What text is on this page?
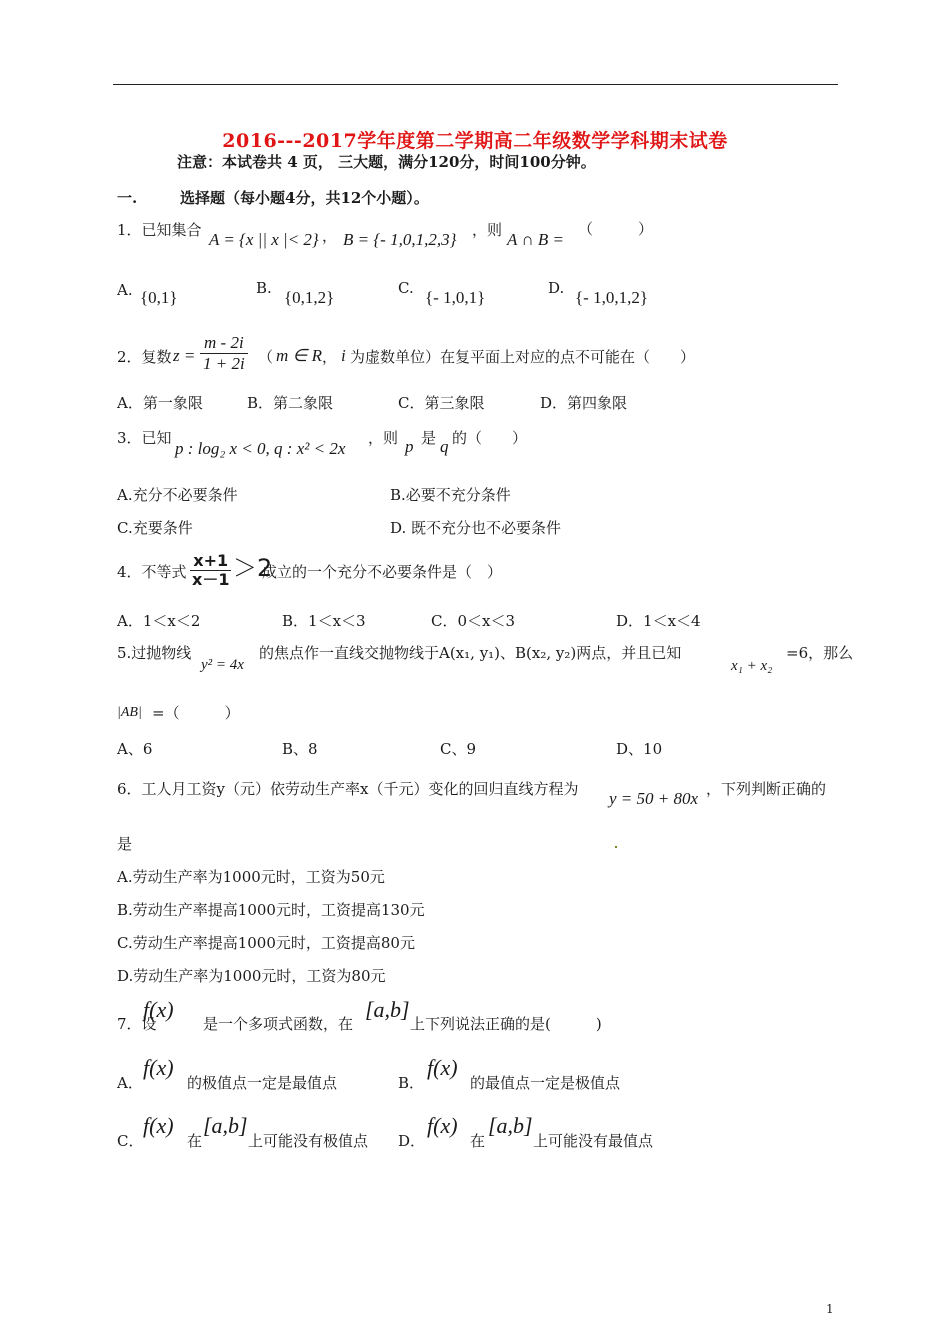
2016---2017学年度第二学期高二年级数学学科期末试卷
注意：本试卷共 4 页， 三大题，满分120分，时间100分钟。
一.	选择题（每小题4分，共12个小题）。
1．已知集合 A = {x || x |< 2} ， B = {- 1,0,1,2,3} ，则 A ∩ B =
（　　　）
A. {0,1}	B. {0,1,2}	C. {- 1,0,1}	D. {- 1,0,1,2}
2．复数 $z = \frac{m - 2i}{1 + 2i}$ （ m ∈ R ， i 为虚数单位）在复平面上对应的点不可能在（　　）
A．第一象限	B．第二象限	C．第三象限	D．第四象限
3．已知
p : log₂ x < 0, q : x² < 2x
，则 p 是 q 的（　　）
A.充分不必要条件	B.必要不充分条件
C.充要条件	D. 既不充分也不必要条件
4．不等式 $\frac{x+1}{x-1} >2$
成立的一个充分不必要条件是（　）
A．1＜x＜2	B．1＜x＜3	C．0＜x＜3	D．1＜x＜4
5.过抛物线
y² = 4x
的焦点作一直线交抛物线于A(x₁, y₁)、B(x₂, y₂)两点，并且已知
x₁ + x₂
=6，那么
|AB| =（　　　）
A、6	B、8	C、9	D、10
6．工人月工资y（元）依劳动生产率x（千元）变化的回归直线方程为 y = 50 + 80x ，下列判断正确的
是
A.劳动生产率为1000元时，工资为50元
B.劳动生产率提高1000元时，工资提高130元
C.劳动生产率提高1000元时，工资提高80元
D.劳动生产率为1000元时，工资为80元
7．设
f(x)
是一个多项式函数，在
[a,b]
上下列说法正确的是(　　　)
A．
f(x)
的极值点一定是最值点	B．
f(x)
的最值点一定是极值点
C．
f(x)
在
[a,b]
上可能没有极值点 D．
f(x)
在
[a,b]
上可能没有最值点
1
